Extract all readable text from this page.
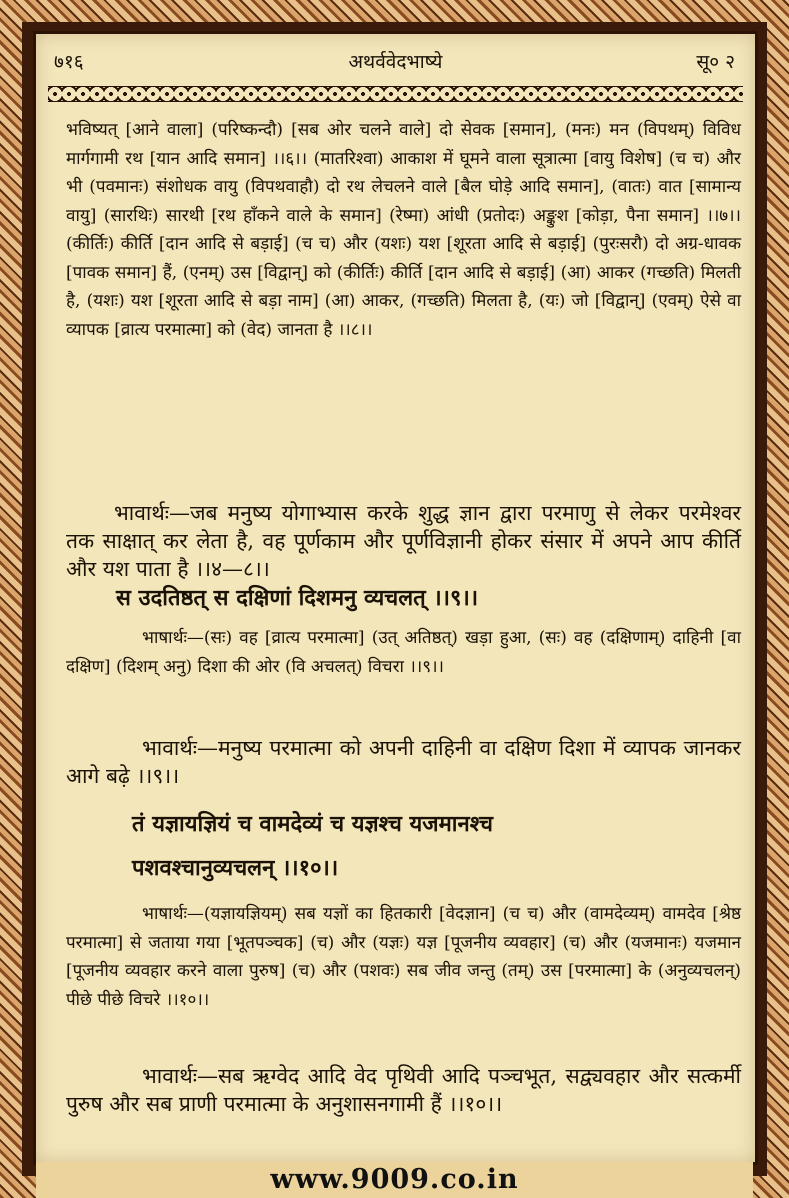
७१६	अथर्ववेदभाष्ये	सू० २

भविष्यत् [आने वाला] (परिष्कन्दौ) [सब ओर चलने वाले] दो सेवक [समान], (मनः) मन (विपथम्) विविध मार्गगामी रथ [यान आदि समान] ।।६।। (मातरिश्वा) आकाश में घूमने वाला सूत्रात्मा [वायु विशेष] (च च) और भी (पवमानः) संशोधक वायु (विपथवाहौ) दो रथ लेचलने वाले [बैल घोड़े आदि समान], (वातः) वात [सामान्य वायु] (सारथिः) सारथी [रथ हाँकने वाले के समान] (रेष्मा) आंधी (प्रतोदः) अङ्कुश [कोड़ा, पैना समान] ।।७।। (कीर्तिः) कीर्ति [दान आदि से बड़ाई] (च च) और (यशः) यश [शूरता आदि से बड़ाई] (पुरःसरौ) दो अग्र-धावक [पावक समान] हैं, (एनम्) उस [विद्वान्] को (कीर्तिः) कीर्ति [दान आदि से बड़ाई] (आ) आकर (गच्छति) मिलती है, (यशः) यश [शूरता आदि से बड़ा नाम] (आ) आकर, (गच्छति) मिलता है, (यः) जो [विद्वान्] (एवम्) ऐसे वा व्यापक [व्रात्य परमात्मा] को (वेद) जानता है ।।८।।

भावार्थः—जब मनुष्य योगाभ्यास करके शुद्ध ज्ञान द्वारा परमाणु से लेकर परमेश्वर तक साक्षात् कर लेता है, वह पूर्णकाम और पूर्णविज्ञानी होकर संसार में अपने आप कीर्ति और यश पाता है ।।४—८।।

स उदतिष्ठत् स दक्षिणां दिशमनु व्यचलत् ।।९।।

भाषार्थः—(सः) वह [व्रात्य परमात्मा] (उत् अतिष्ठत्) खड़ा हुआ, (सः) वह (दक्षिणाम्) दाहिनी [वा दक्षिण] (दिशम् अनु) दिशा की ओर (वि अचलत्) विचरा ।।९।।

भावार्थः—मनुष्य परमात्मा को अपनी दाहिनी वा दक्षिण दिशा में व्यापक जानकर आगे बढ़े ।।९।।

तं यज्ञायज्ञियं च वामदेव्यं च यज्ञश्च यजमानश्च

पशवश्चानुव्यचलन् ।।१०।।

भाषार्थः—(यज्ञायज्ञियम्) सब यज्ञों का हितकारी [वेदज्ञान] (च च) और (वामदेव्यम्) वामदेव [श्रेष्ठ परमात्मा] से जताया गया [भूतपञ्चक] (च) और (यज्ञः) यज्ञ [पूजनीय व्यवहार] (च) और (यजमानः) यजमान [पूजनीय व्यवहार करने वाला पुरुष] (च) और (पशवः) सब जीव जन्तु (तम्) उस [परमात्मा] के (अनुव्यचलन्) पीछे पीछे विचरे ।।१०।।

भावार्थः—सब ऋग्वेद आदि वेद पृथिवी आदि पञ्चभूत, सद्व्यवहार और सत्कर्मी पुरुष और सब प्राणी परमात्मा के अनुशासनगामी हैं ।।१०।।

www.9009.co.in
